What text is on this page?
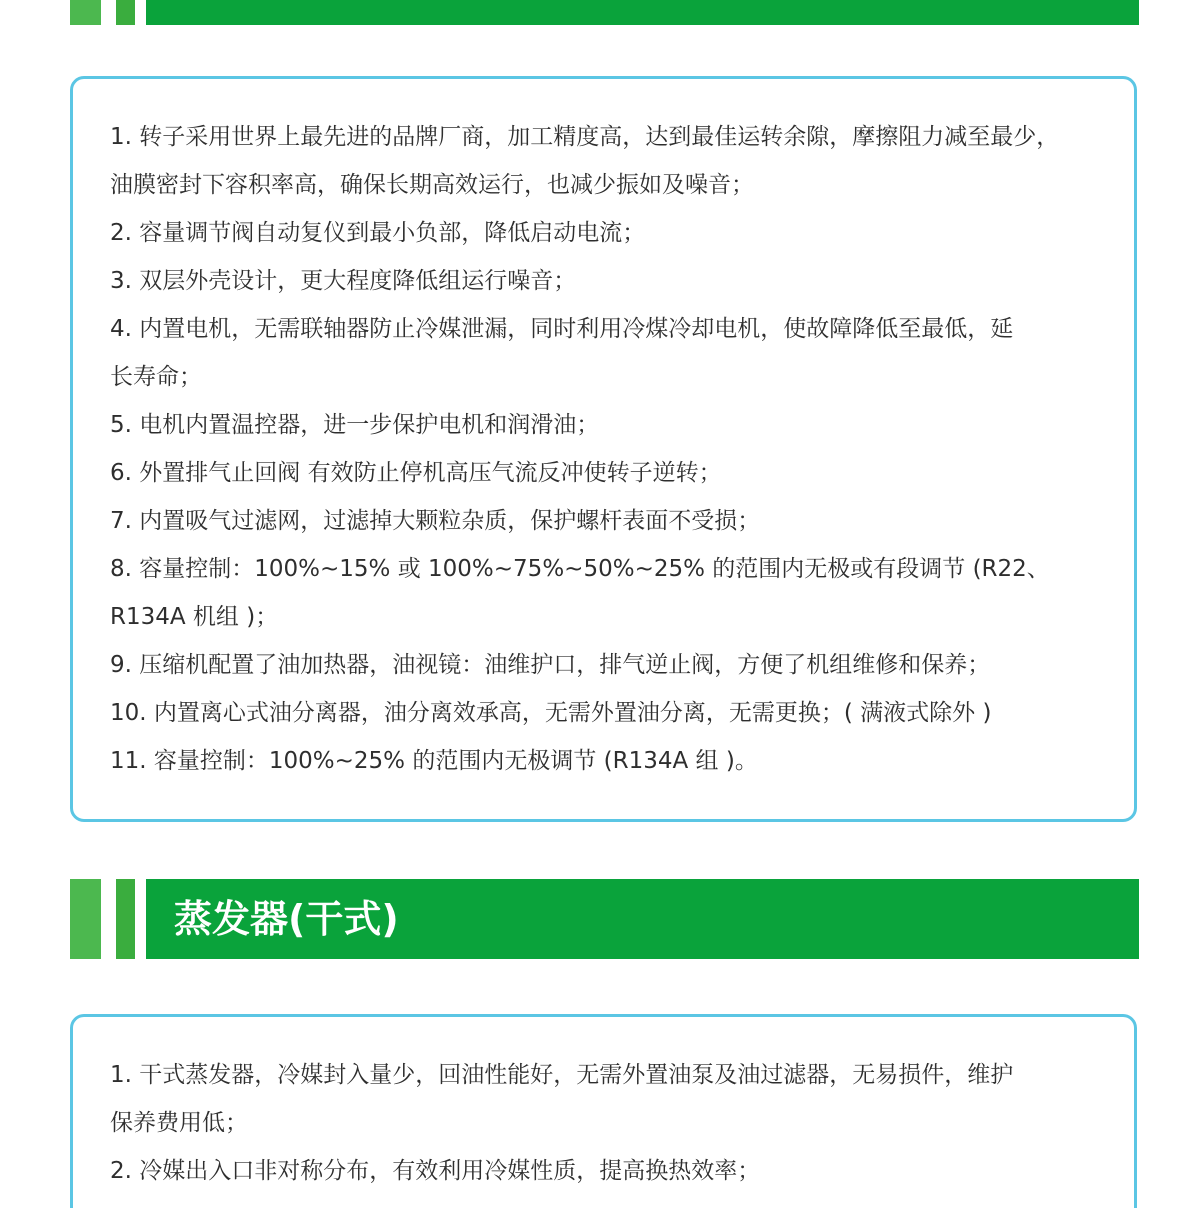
1. 转子采用世界上最先进的品牌厂商，加工精度高，达到最佳运转余隙，摩擦阻力减至最少，
油膜密封下容积率高，确保长期高效运行，也减少振如及噪音；
2. 容量调节阀自动复仪到最小负部，降低启动电流；
3. 双层外壳设计，更大程度降低组运行噪音；
4. 内置电机，无需联轴器防止冷媒泄漏，同时利用冷煤冷却电机，使故障降低至最低，延
长寿命；
5. 电机内置温控器，进一步保护电机和润滑油；
6. 外置排气止回阀 有效防止停机高压气流反冲使转子逆转；
7. 内置吸气过滤网，过滤掉大颗粒杂质，保护螺杆表面不受损；
8. 容量控制：100%~15% 或 100%~75%~50%~25% 的范围内无极或有段调节 (R22、
R134A 机组 )；
9. 压缩机配置了油加热器，油视镜：油维护口，排气逆止阀，方便了机组维修和保养；
10. 内置离心式油分离器，油分离效承高，无需外置油分离，无需更换；( 满液式除外 )
11. 容量控制：100%~25% 的范围内无极调节 (R134A 组 )。
蒸发器(干式)
1. 干式蒸发器，冷媒封入量少，回油性能好，无需外置油泵及油过滤器，无易损件，维护
保养费用低；
2. 冷媒出入口非对称分布，有效利用冷媒性质，提高换热效率；
